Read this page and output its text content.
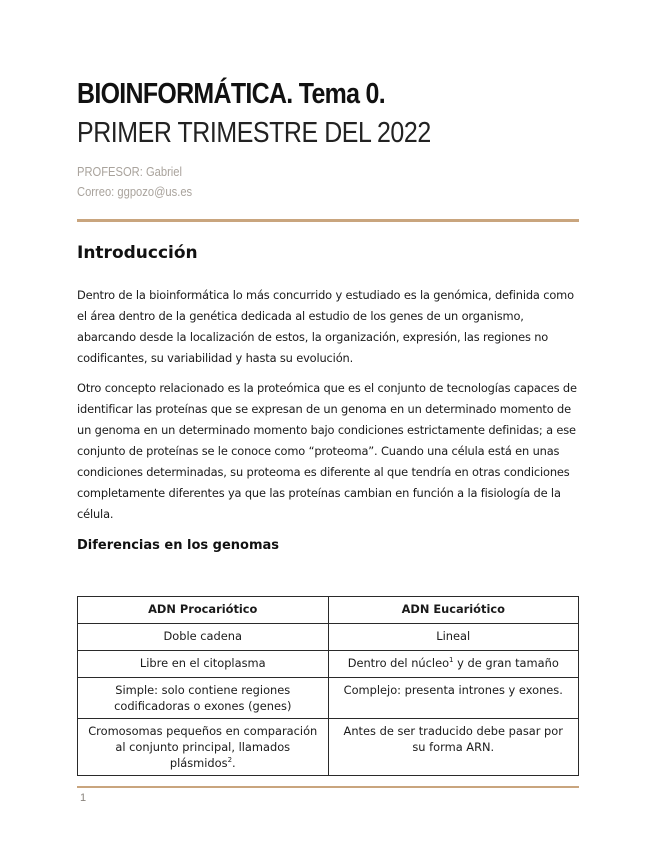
BIOINFORMÁTICA. Tema 0.
PRIMER TRIMESTRE DEL 2022
PROFESOR: Gabriel
Correo: ggpozo@us.es
Introducción

Dentro de la bioinformática lo más concurrido y estudiado es la genómica, definida como el área dentro de la genética dedicada al estudio de los genes de un organismo, abarcando desde la localización de estos, la organización, expresión, las regiones no codificantes, su variabilidad y hasta su evolución.

Otro concepto relacionado es la proteómica que es el conjunto de tecnologías capaces de identificar las proteínas que se expresan de un genoma en un determinado momento de un genoma en un determinado momento bajo condiciones estrictamente definidas; a ese conjunto de proteínas se le conoce como “proteoma”. Cuando una célula está en unas condiciones determinadas, su proteoma es diferente al que tendría en otras condiciones completamente diferentes ya que las proteínas cambian en función a la fisiología de la célula.

Diferencias en los genomas
ADN Procariótico	ADN Eucariótico
Doble cadena	Lineal
Libre en el citoplasma	Dentro del núcleo$^1$ y de gran tamaño
Simple: solo contiene regiones codificadoras o exones (genes)	Complejo: presenta intrones y exones.
Cromosomas pequeños en comparación al conjunto principal, llamados plásmidos$^2$.	Antes de ser traducido debe pasar por su forma ARN.
1
